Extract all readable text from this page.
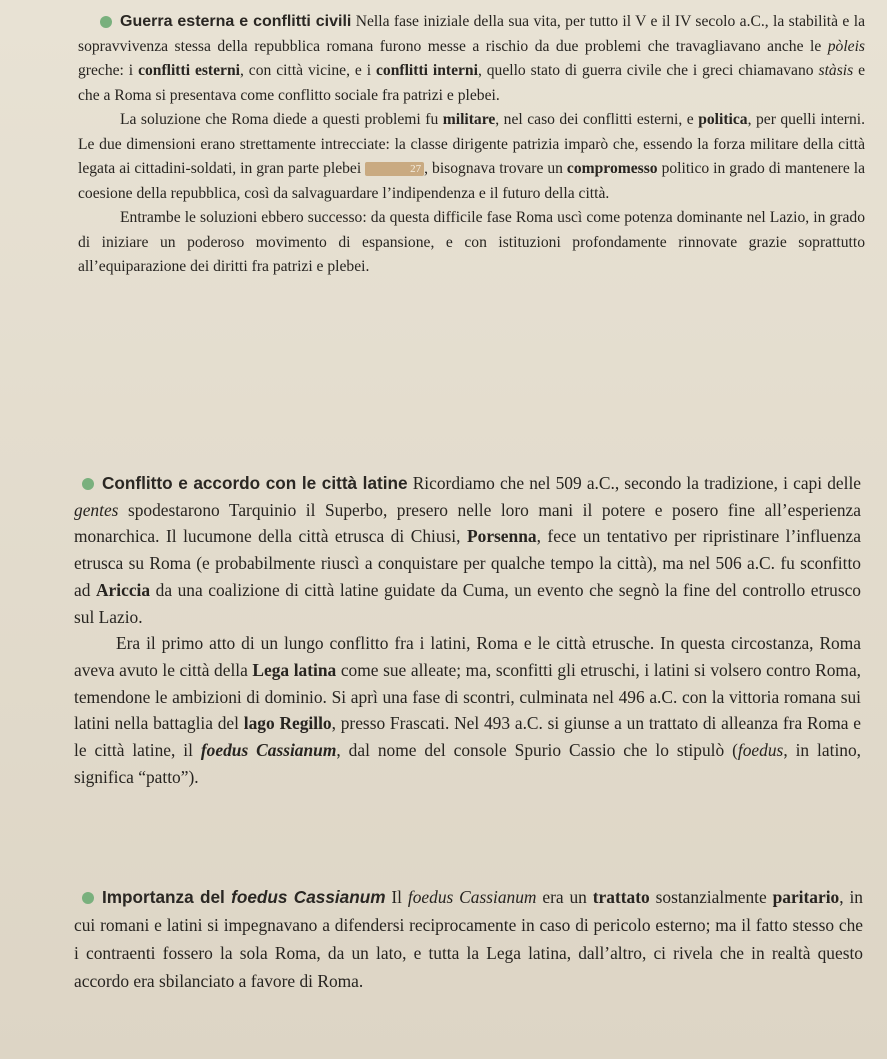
Guerra esterna e conflitti civili Nella fase iniziale della sua vita, per tutto il V e il IV secolo a.C., la stabilità e la sopravvivenza stessa della repubblica romana furono messe a rischio da due problemi che travagliavano anche le pòleis greche: i conflitti esterni, con città vicine, e i conflitti interni, quello stato di guerra civile che i greci chiamavano stàsis e che a Roma si presentava come conflitto sociale fra patrizi e plebei.

La soluzione che Roma diede a questi problemi fu militare, nel caso dei conflitti esterni, e politica, per quelli interni. Le due dimensioni erano strettamente intrecciate: la classe dirigente patrizia imparò che, essendo la forza militare della città legata ai cittadini-soldati, in gran parte plebei	27 , bisognava trovare un compromesso politico in grado di mantenere la coesione della repubblica, così da salvaguardare l’indipendenza e il futuro della città.

Entrambe le soluzioni ebbero successo: da questa difficile fase Roma uscì come potenza dominante nel Lazio, in grado di iniziare un poderoso movimento di espansione, e con istituzioni profondamente rinnovate grazie soprattutto all’equiparazione dei diritti fra patrizi e plebei.

Conflitto e accordo con le città latine Ricordiamo che nel 509 a.C., secondo la tradizione, i capi delle gentes spodestarono Tarquinio il Superbo, presero nelle loro mani il potere e posero fine all’esperienza monarchica. Il lucumone della città etrusca di Chiusi, Porsenna, fece un tentativo per ripristinare l’influenza etrusca su Roma (e probabilmente riuscì a conquistare per qualche tempo la città), ma nel 506 a.C. fu sconfitto ad Ariccia da una coalizione di città latine guidate da Cuma, un evento che segnò la fine del controllo etrusco sul Lazio.

Era il primo atto di un lungo conflitto fra i latini, Roma e le città etrusche. In questa circostanza, Roma aveva avuto le città della Lega latina come sue alleate; ma, sconfitti gli etruschi, i latini si volsero contro Roma, temendone le ambizioni di dominio. Si aprì una fase di scontri, culminata nel 496 a.C. con la vittoria romana sui latini nella battaglia del lago Regillo, presso Frascati. Nel 493 a.C. si giunse a un trattato di alleanza fra Roma e le città latine, il foedus Cassianum, dal nome del console Spurio Cassio che lo stipulò (foedus, in latino, significa “patto”).

Importanza del foedus Cassianum Il foedus Cassianum era un trattato sostanzialmente paritario, in cui romani e latini si impegnavano a difendersi reciprocamente in caso di pericolo esterno; ma il fatto stesso che i contraenti fossero la sola Roma, da un lato, e tutta la Lega latina, dall’altro, ci rivela che in realtà questo accordo era sbilanciato a favore di Roma.
